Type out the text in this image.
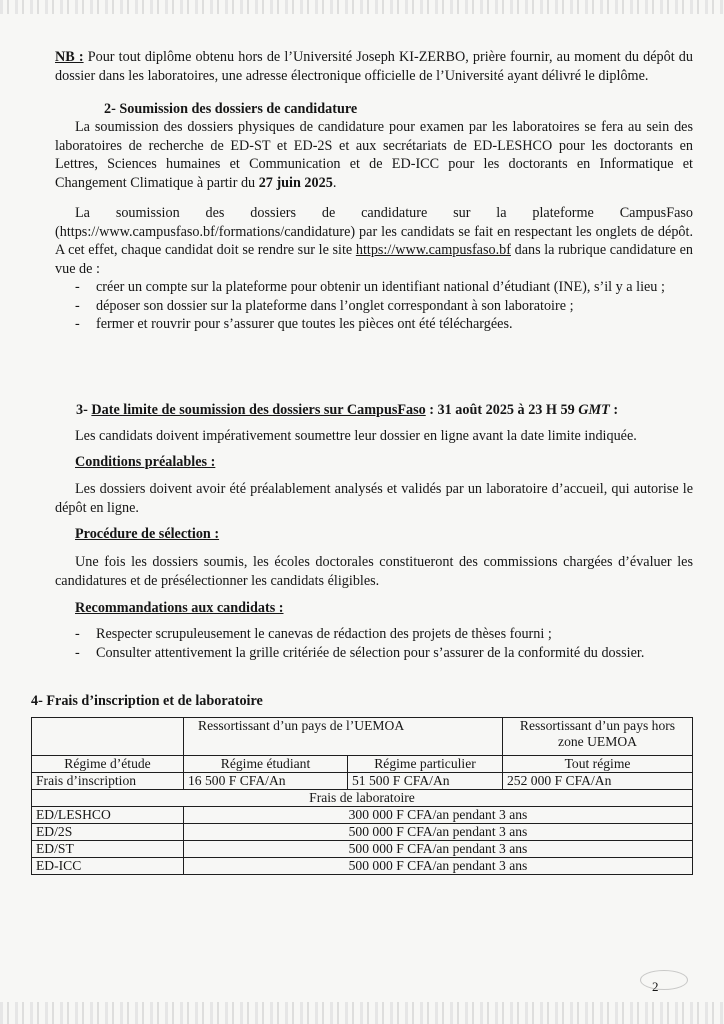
NB : Pour tout diplôme obtenu hors de l’Université Joseph KI-ZERBO, prière fournir, au moment du dépôt du dossier dans les laboratoires, une adresse électronique officielle de l’Université ayant délivré le diplôme.

2- Soumission des dossiers de candidature

La soumission des dossiers physiques de candidature pour examen par les laboratoires se fera au sein des laboratoires de recherche de ED-ST et ED-2S et aux secrétariats de ED-LESHCO pour les doctorants en Lettres, Sciences humaines et Communication et de ED-ICC pour les doctorants en Informatique et Changement Climatique à partir du 27 juin 2025.

La soumission des dossiers de candidature sur la plateforme CampusFaso (https://www.campusfaso.bf/formations/candidature) par les candidats se fait en respectant les onglets de dépôt. A cet effet, chaque candidat doit se rendre sur le site https://www.campusfaso.bf dans la rubrique candidature en vue de :

- créer un compte sur la plateforme pour obtenir un identifiant national d’étudiant (INE), s’il y a lieu ;
- déposer son dossier sur la plateforme dans l’onglet correspondant à son laboratoire ;
- fermer et rouvrir pour s’assurer que toutes les pièces ont été téléchargées.

3- Date limite de soumission des dossiers sur CampusFaso : 31 août 2025 à 23 H 59 GMT :

Les candidats doivent impérativement soumettre leur dossier en ligne avant la date limite indiquée.

Conditions préalables :

Les dossiers doivent avoir été préalablement analysés et validés par un laboratoire d’accueil, qui autorise le dépôt en ligne.

Procédure de sélection :

Une fois les dossiers soumis, les écoles doctorales constitueront des commissions chargées d’évaluer les candidatures et de présélectionner les candidats éligibles.

Recommandations aux candidats :

- Respecter scrupuleusement le canevas de rédaction des projets de thèses fourni ;
- Consulter attentivement la grille critériée de sélection pour s’assurer de la conformité du dossier.

4- Frais d’inscription et de laboratoire

	Ressortissant d’un pays de l’UEMOA		Ressortissant d’un pays hors zone UEMOA
Régime d’étude	Régime étudiant	Régime particulier	Tout régime
Frais d’inscription	16 500 F CFA/An	51 500 F CFA/An	252 000 F CFA/An
Frais de laboratoire			
ED/LESHCO	300 000 F CFA/an pendant 3 ans		
ED/2S	500 000 F CFA/an pendant 3 ans		
ED/ST	500 000 F CFA/an pendant 3 ans		
ED-ICC	500 000 F CFA/an pendant 3 ans		
2
